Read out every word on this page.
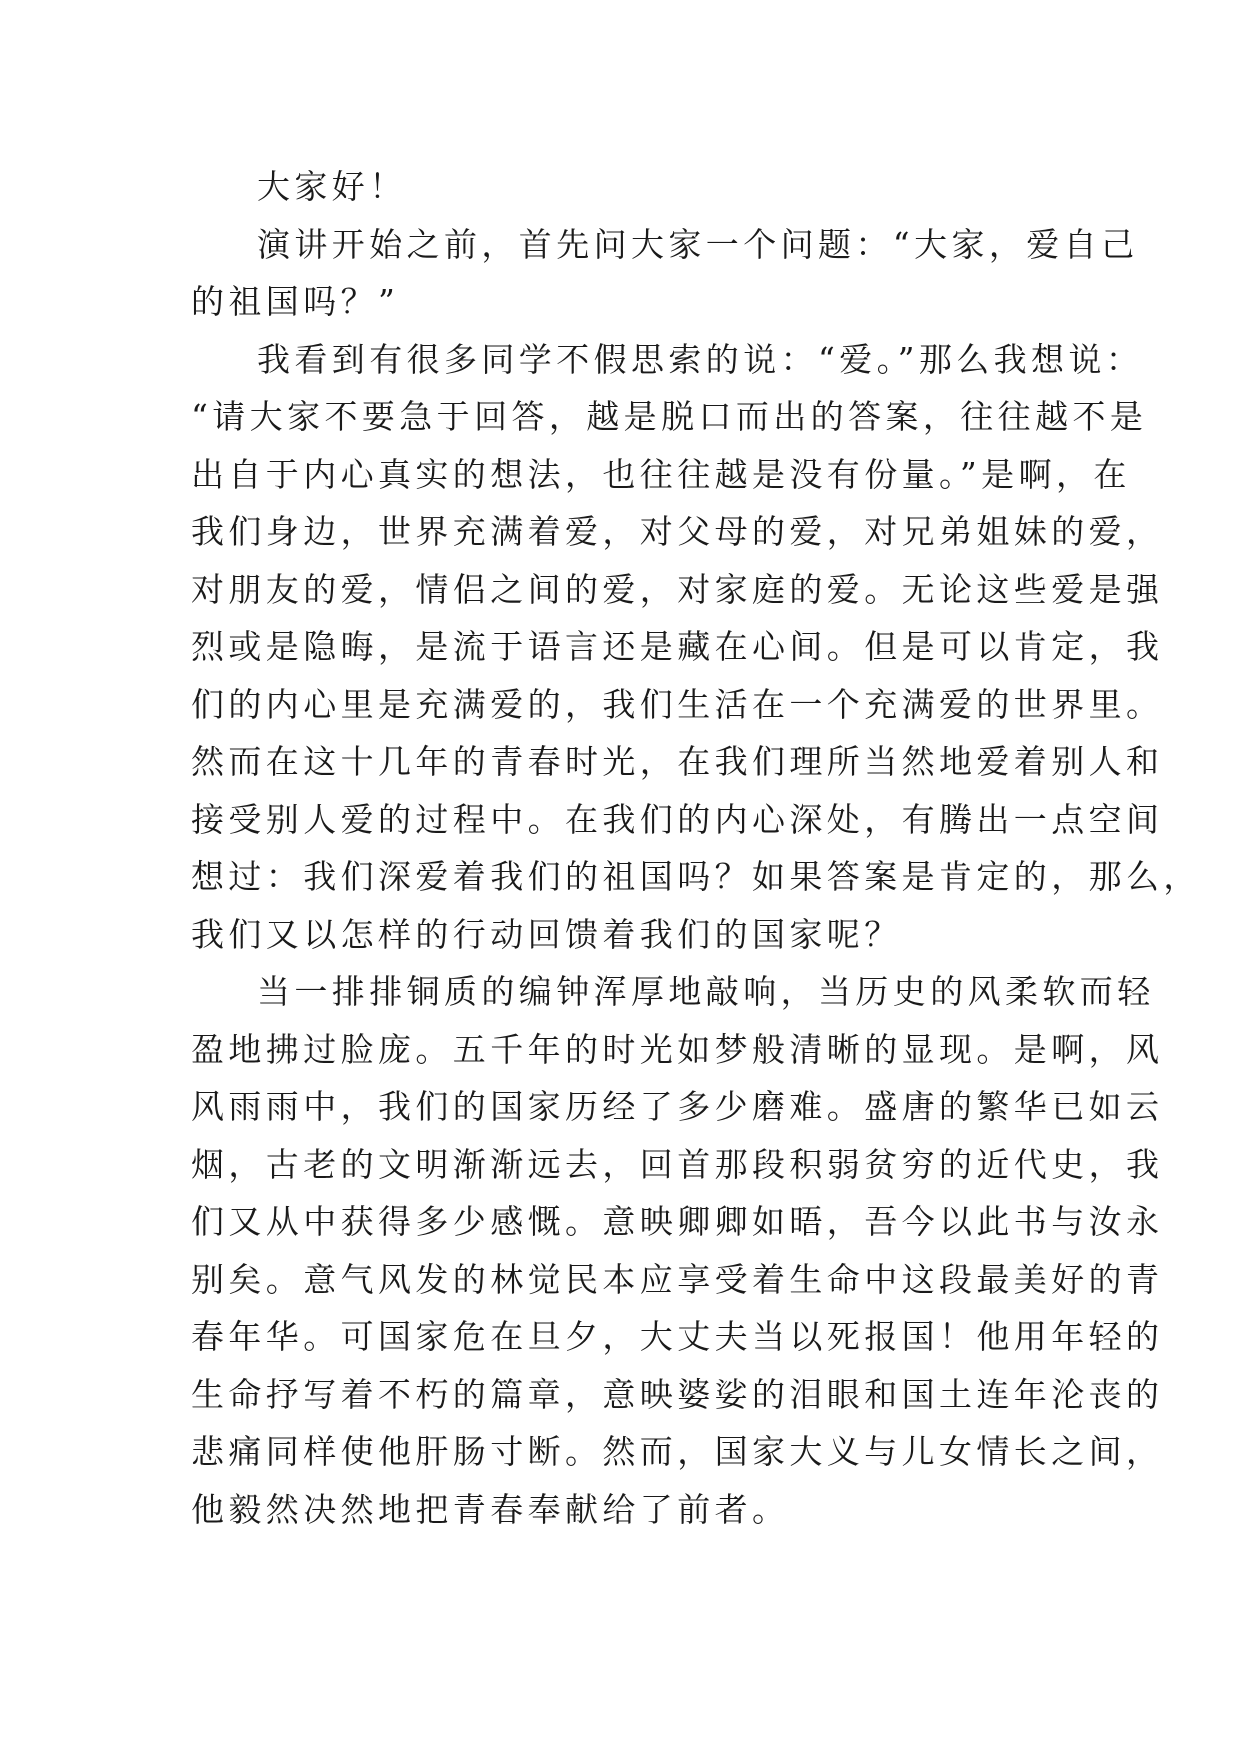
大家好！

演讲开始之前，首先问大家一个问题：“大家，爱自己
的祖国吗？”

我看到有很多同学不假思索的说：“爱。”那么我想说：
“请大家不要急于回答，越是脱口而出的答案，往往越不是
出自于内心真实的想法，也往往越是没有份量。”是啊，在
我们身边，世界充满着爱，对父母的爱，对兄弟姐妹的爱，
对朋友的爱，情侣之间的爱，对家庭的爱。无论这些爱是强
烈或是隐晦，是流于语言还是藏在心间。但是可以肯定，我
们的内心里是充满爱的，我们生活在一个充满爱的世界里。
然而在这十几年的青春时光，在我们理所当然地爱着别人和
接受别人爱的过程中。在我们的内心深处，有腾出一点空间
想过：我们深爱着我们的祖国吗？如果答案是肯定的，那么，
我们又以怎样的行动回馈着我们的国家呢？

当一排排铜质的编钟浑厚地敲响，当历史的风柔软而轻
盈地拂过脸庞。五千年的时光如梦般清晰的显现。是啊，风
风雨雨中，我们的国家历经了多少磨难。盛唐的繁华已如云
烟，古老的文明渐渐远去，回首那段积弱贫穷的近代史，我
们又从中获得多少感慨。意映卿卿如晤，吾今以此书与汝永
别矣。意气风发的林觉民本应享受着生命中这段最美好的青
春年华。可国家危在旦夕，大丈夫当以死报国！他用年轻的
生命抒写着不朽的篇章，意映婆娑的泪眼和国土连年沦丧的
悲痛同样使他肝肠寸断。然而，国家大义与儿女情长之间，
他毅然决然地把青春奉献给了前者。
